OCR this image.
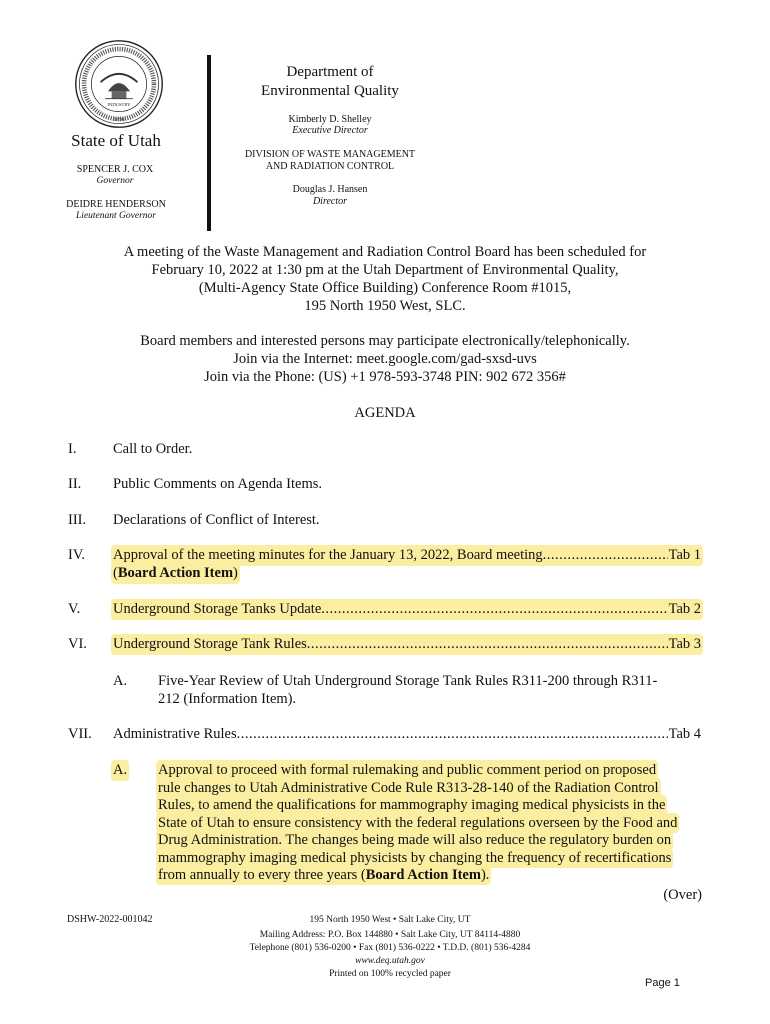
INDUSTRY
1896
State of Utah
SPENCER J. COX
Governor
DEIDRE HENDERSON
Lieutenant Governor
Department of
Environmental Quality
Kimberly D. Shelley
Executive Director
DIVISION OF WASTE MANAGEMENT
AND RADIATION CONTROL
Douglas J. Hansen
Director
A meeting of the Waste Management and Radiation Control Board has been scheduled for
February 10, 2022 at 1:30 pm at the Utah Department of Environmental Quality,
(Multi-Agency State Office Building) Conference Room #1015,
195 North 1950 West, SLC.
Board members and interested persons may participate electronically/telephonically.
Join via the Internet: meet.google.com/gad-sxsd-uvs
Join via the Phone: (US) +1 978-593-3748 PIN: 902 672 356#
AGENDA
I.	Call to Order.
II. Public Comments on Agenda Items.
III. Declarations of Conflict of Interest.
IV. Approval of the meeting minutes for the January 13, 2022, Board meeting .....	Tab 1
(Board Action Item)
V. Underground Storage Tanks Update .....	Tab 2
VI. Underground Storage Tank Rules .....	Tab 3
A. Five-Year Review of Utah Underground Storage Tank Rules R311-200 through R311-
212 (Information Item).
VII. Administrative Rules .....	Tab 4
A. Approval to proceed with formal rulemaking and public comment period on proposed
rule changes to Utah Administrative Code Rule R313-28-140 of the Radiation Control
Rules, to amend the qualifications for mammography imaging medical physicists in the
State of Utah to ensure consistency with the federal regulations overseen by the Food and
Drug Administration. The changes being made will also reduce the regulatory burden on
mammography imaging medical physicists by changing the frequency of recertifications
from annually to every three years (Board Action Item).
(Over)
DSHW-2022-001042	195 North 1950 West • Salt Lake City, UT
Mailing Address: P.O. Box 144880 • Salt Lake City, UT 84114-4880
Telephone (801) 536-0200 • Fax (801) 536-0222 • T.D.D. (801) 536-4284
www.deq.utah.gov
Printed on 100% recycled paper
Page 1
